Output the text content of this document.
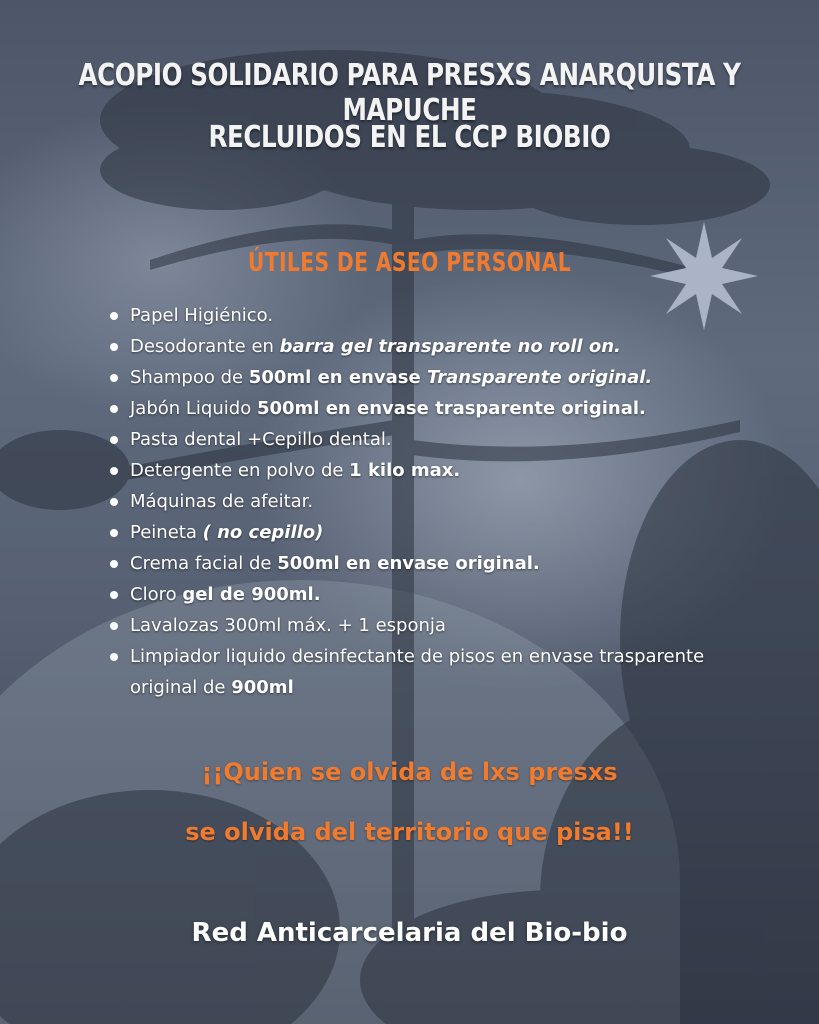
ACOPIO SOLIDARIO PARA PRESXS ANARQUISTA Y MAPUCHE
RECLUIDOS EN EL CCP BIOBIO
ÚTILES DE ASEO PERSONAL
Papel Higiénico.
Desodorante en barra gel transparente no roll on.
Shampoo de 500ml en envase Transparente original.
Jabón Liquido 500ml en envase trasparente original.
Pasta dental +Cepillo dental.
Detergente en polvo de 1 kilo max.
Máquinas de afeitar.
Peineta ( no cepillo)
Crema facial de 500ml en envase original.
Cloro gel de 900ml.
Lavalozas 300ml máx. + 1 esponja
Limpiador liquido desinfectante de pisos en envase trasparente original de 900ml

¡¡Quien se olvida de lxs presxs

se olvida del territorio que pisa!!

Red Anticarcelaria del Bio-bio
